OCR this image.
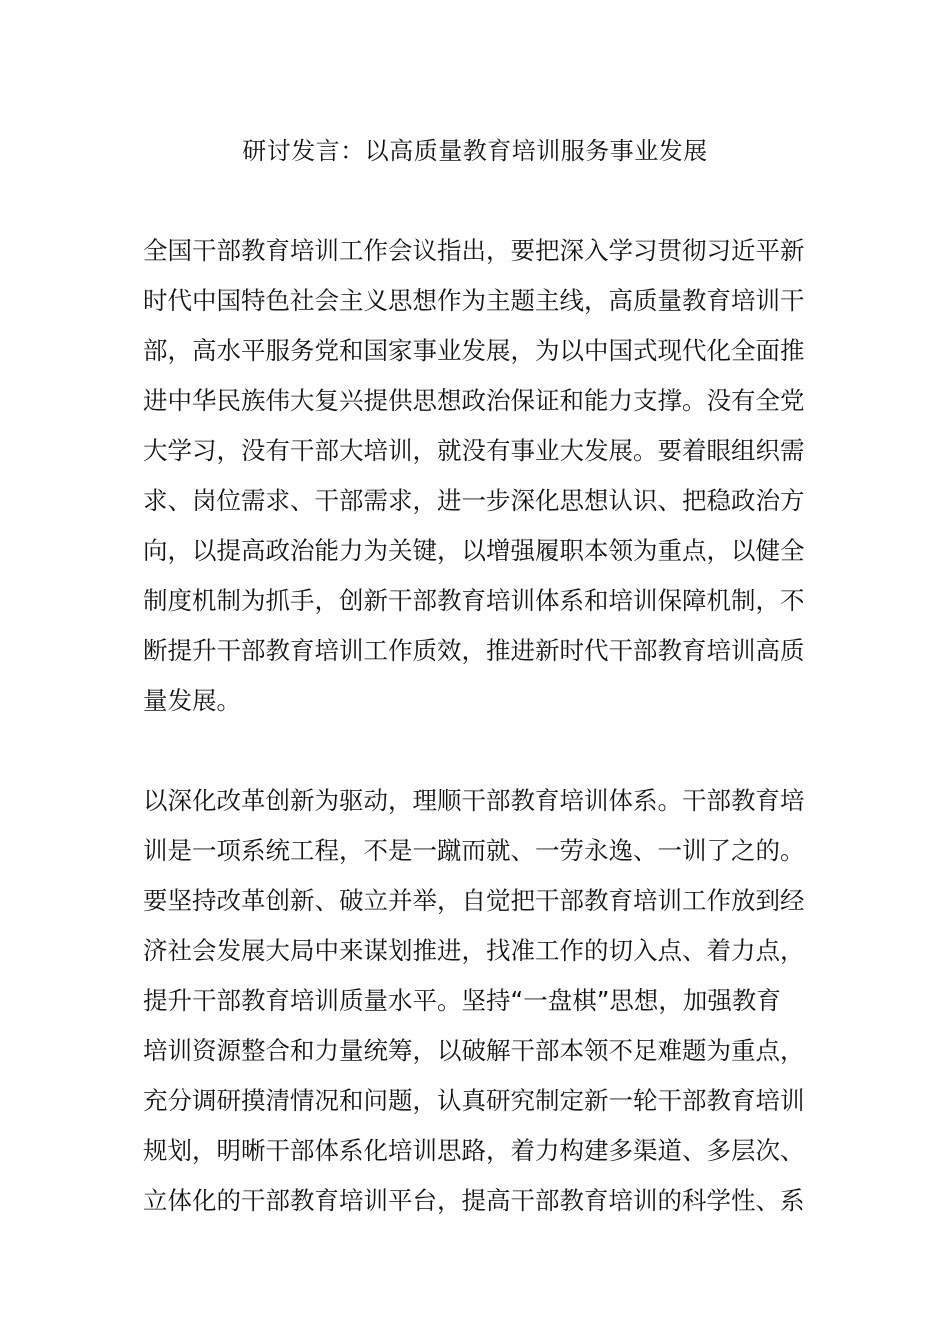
研讨发言：以高质量教育培训服务事业发展
全国干部教育培训工作会议指出，要把深入学习贯彻习近平新
时代中国特色社会主义思想作为主题主线，高质量教育培训干
部，高水平服务党和国家事业发展，为以中国式现代化全面推
进中华民族伟大复兴提供思想政治保证和能力支撑。没有全党
大学习，没有干部大培训，就没有事业大发展。要着眼组织需
求、岗位需求、干部需求，进一步深化思想认识、把稳政治方
向，以提高政治能力为关键，以增强履职本领为重点，以健全
制度机制为抓手，创新干部教育培训体系和培训保障机制，不
断提升干部教育培训工作质效，推进新时代干部教育培训高质
量发展。
以深化改革创新为驱动，理顺干部教育培训体系。干部教育培
训是一项系统工程，不是一蹴而就、一劳永逸、一训了之的。
要坚持改革创新、破立并举，自觉把干部教育培训工作放到经
济社会发展大局中来谋划推进，找准工作的切入点、着力点，
提升干部教育培训质量水平。坚持“一盘棋”思想，加强教育
培训资源整合和力量统筹，以破解干部本领不足难题为重点，
充分调研摸清情况和问题，认真研究制定新一轮干部教育培训
规划，明晰干部体系化培训思路，着力构建多渠道、多层次、
立体化的干部教育培训平台，提高干部教育培训的科学性、系
